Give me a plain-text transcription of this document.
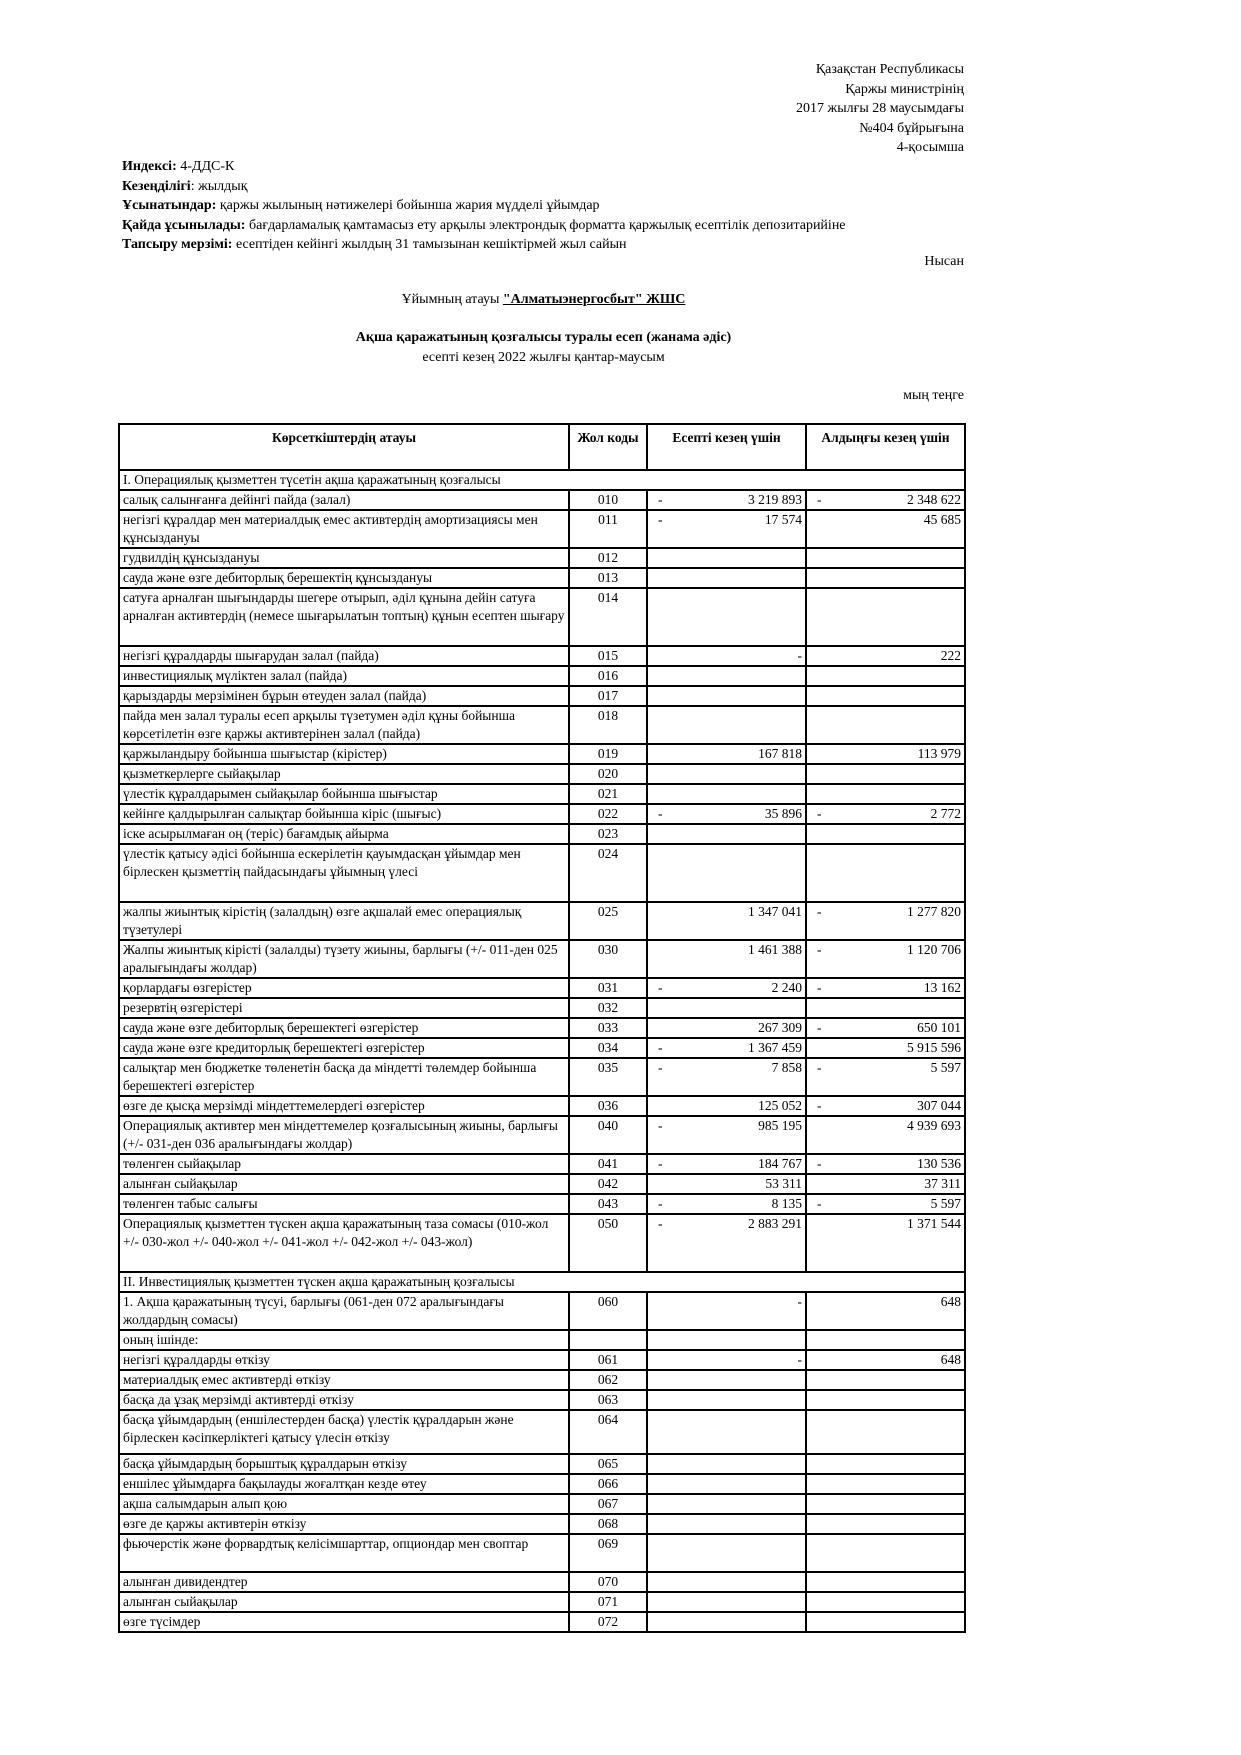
Қазақстан Республикасы
Қаржы министрінің
2017 жылғы 28 маусымдағы
№404 бұйрығына
4-қосымша
Индексі: 4-ДДС-К
Кезеңділігі: жылдық
Ұсынатындар: қаржы жылының нәтижелері бойынша жария мүдделі ұйымдар
Қайда ұсынылады: бағдарламалық қамтамасыз ету арқылы электрондық форматта қаржылық есептілік депозитарийіне
Тапсыру мерзімі: есептіден кейінгі жылдың 31 тамызынан кешіктірмей жыл сайын
Нысан
Ұйымның атауы "Алматыэнергосбыт" ЖШС
Ақша қаражатының қозғалысы туралы есеп (жанама әдіс)
есепті кезең 2022 жылғы қантар-маусым
мың теңге
Көрсеткіштердің атауы	Жол коды	Есепті кезең үшін	Алдыңғы кезең үшін
I. Операциялық қызметтен түсетін ақша қаражатының қозғалысы			
салық салынғанға дейінгі пайда (залал)	010	- 3 219 893	- 2 348 622
негізгі құралдар мен материалдық емес активтердің амортизациясы мен құнсыздануы	011	- 17 574	45 685
гудвилдің құнсыздануы	012	

сауда және өзге дебиторлық берешектің құнсыздануы	013	

сатуға арналған шығындарды шегере отырып, әділ құнына дейін сатуға арналған активтердің (немесе шығарылатын топтың) құнын есептен шығару	014	

негізгі құралдарды шығарудан залал (пайда)	015	-	222
инвестициялық мүліктен залал (пайда)	016	

қарыздарды мерзімінен бұрын өтеуден залал (пайда)	017	

пайда мен залал туралы есеп арқылы түзетумен әділ құны бойынша көрсетілетін өзге қаржы активтерінен залал (пайда)	018	

қаржыландыру бойынша шығыстар (кірістер)	019	167 818	113 979
қызметкерлерге сыйақылар	020	

үлестік құралдарымен сыйақылар бойынша шығыстар	021	

кейінге қалдырылған салықтар бойынша кіріс (шығыс)	022	- 35 896	- 2 772
іске асырылмаған оң (теріс) бағамдық айырма	023	

үлестік қатысу әдісі бойынша ескерілетін қауымдасқан ұйымдар мен бірлескен қызметтің пайдасындағы ұйымның үлесі	024	

жалпы жиынтық кірістің (залалдың) өзге ақшалай емес операциялық түзетулері	025	1 347 041	- 1 277 820
Жалпы жиынтық кірісті (залалды) түзету жиыны, барлығы (+/- 011-ден 025 аралығындағы жолдар)	030	1 461 388	- 1 120 706
қорлардағы өзгерістер	031	- 2 240	- 13 162
резервтің өзгерістері	032	

сауда және өзге дебиторлық берешектегі өзгерістер	033	267 309	- 650 101
сауда және өзге кредиторлық берешектегі өзгерістер	034	- 1 367 459	5 915 596
салықтар мен бюджетке төленетін басқа да міндетті төлемдер бойынша берешектегі өзгерістер	035	- 7 858	- 5 597
өзге де қысқа мерзімді міндеттемелердегі өзгерістер	036	125 052	- 307 044
Операциялық активтер мен міндеттемелер қозғалысының жиыны, барлығы (+/- 031-ден 036 аралығындағы жолдар)	040	- 985 195	4 939 693
төленген сыйақылар	041	- 184 767	- 130 536
алынған сыйақылар	042	53 311	37 311
төленген табыс салығы	043	- 8 135	- 5 597
Операциялық қызметтен түскен ақша қаражатының таза сомасы (010-жол +/- 030-жол +/- 040-жол +/- 041-жол +/- 042-жол +/- 043-жол)	050	- 2 883 291	1 371 544
II. Инвестициялық қызметтен түскен ақша қаражатының қозғалысы			
1. Ақша қаражатының түсуі, барлығы (061-ден 072 аралығындағы жолдардың сомасы)	060	-	648
оның ішінде:		

негізгі құралдарды өткізу	061	-	648
материалдық емес активтерді өткізу	062	

басқа да ұзақ мерзімді активтерді өткізу	063	

басқа ұйымдардың (еншілестерден басқа) үлестік құралдарын және бірлескен кәсіпкерліктегі қатысу үлесін өткізу	064	

басқа ұйымдардың борыштық құралдарын өткізу	065	

еншілес ұйымдарға бақылауды жоғалтқан кезде өтеу	066	

ақша салымдарын алып қою	067	

өзге де қаржы активтерін өткізу	068	

фьючерстік және форвардтық келісімшарттар, опциондар мен своптар	069	

алынған дивидендтер	070	

алынған сыйақылар	071	

өзге түсімдер	072	
